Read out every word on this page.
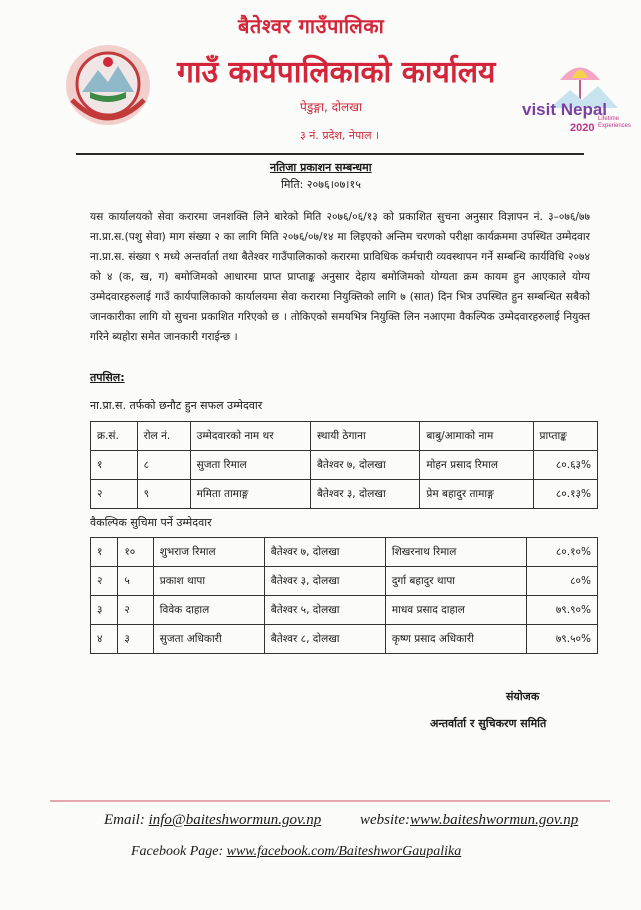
बैतेश्वर गाउँपालिका
गाउँ कार्यपालिकाको कार्यालय
पेडुङ्गा, दोलखा
३ नं. प्रदेश, नेपाल ।
visit Nepal
2020
Lifetime Experiences
नतिजा प्रकाशन सम्बन्धमा
मिति: २०७६।०७।१५
यस कार्यालयको सेवा करारमा जनशक्ति लिने बारेको मिति २०७६/०६/१३ को प्रकाशित सुचना अनुसार विज्ञापन नं. ३–०७६/७७ ना.प्रा.स.(पशु सेवा) माग संख्या २ का लागि मिति २०७६/०७/१४ मा लिइएको अन्तिम चरणको परीक्षा कार्यक्रममा उपस्थित उम्मेदवार ना.प्रा.स. संख्या ९ मध्ये अन्तर्वार्ता तथा बैतेश्वर गाउँपालिकाको करारमा प्राविधिक कर्मचारी व्यवस्थापन गर्ने सम्बन्धि कार्यविधि २०७४ को ४ (क, ख, ग) बमोजिमको आधारमा प्राप्त प्राप्ताङ्क अनुसार देहाय बमोजिमको योग्यता क्रम कायम हुन आएकाले योग्य उम्मेदवारहरुलाई गाउँ कार्यपालिकाको कार्यालयमा सेवा करारमा नियुक्तिको लागि ७ (सात) दिन भित्र उपस्थित हुन सम्बन्धित सबैको जानकारीका लागि यो सुचना प्रकाशित गरिएको छ । तोकिएको समयभित्र नियुक्ति लिन नआएमा वैकल्पिक उम्मेदवारहरुलाई नियुक्त गरिने ब्यहोरा समेत जानकारी गराईन्छ ।
तपसिल:
ना.प्रा.स. तर्फको छनौट हुन सफल उम्मेदवार
क्र.सं.	रोल नं.	उम्मेदवारको नाम थर	स्थायी ठेगाना	बाबु/आमाको नाम	प्राप्ताङ्क
१	८	सुजता रिमाल	बैतेश्वर ७, दोलखा	मोहन प्रसाद रिमाल	८०.६३%
२	९	ममिता तामाङ्ग	बैतेश्वर ३, दोलखा	प्रेम बहादुर तामाङ्ग	८०.१३%
वैकल्पिक सुचिमा पर्ने उम्मेदवार
१	१०	शुभराज रिमाल	बैतेश्वर ७, दोलखा	शिखरनाथ रिमाल	८०.१०%
२	५	प्रकाश थापा	बैतेश्वर ३, दोलखा	दुर्गा बहादुर थापा	८०%
३	२	विवेक दाहाल	बैतेश्वर ५, दोलखा	माधव प्रसाद दाहाल	७९.९०%
४	३	सुजता अधिकारी	बैतेश्वर ८, दोलखा	कृष्ण प्रसाद अधिकारी	७९.५०%
संयोजक
अन्तर्वार्ता र सुचिकरण समिति
Email: info@baiteshwormun.gov.np	website:www.baiteshwormun.gov.np
Facebook Page: www.facebook.com/BaiteshworGaupalika
